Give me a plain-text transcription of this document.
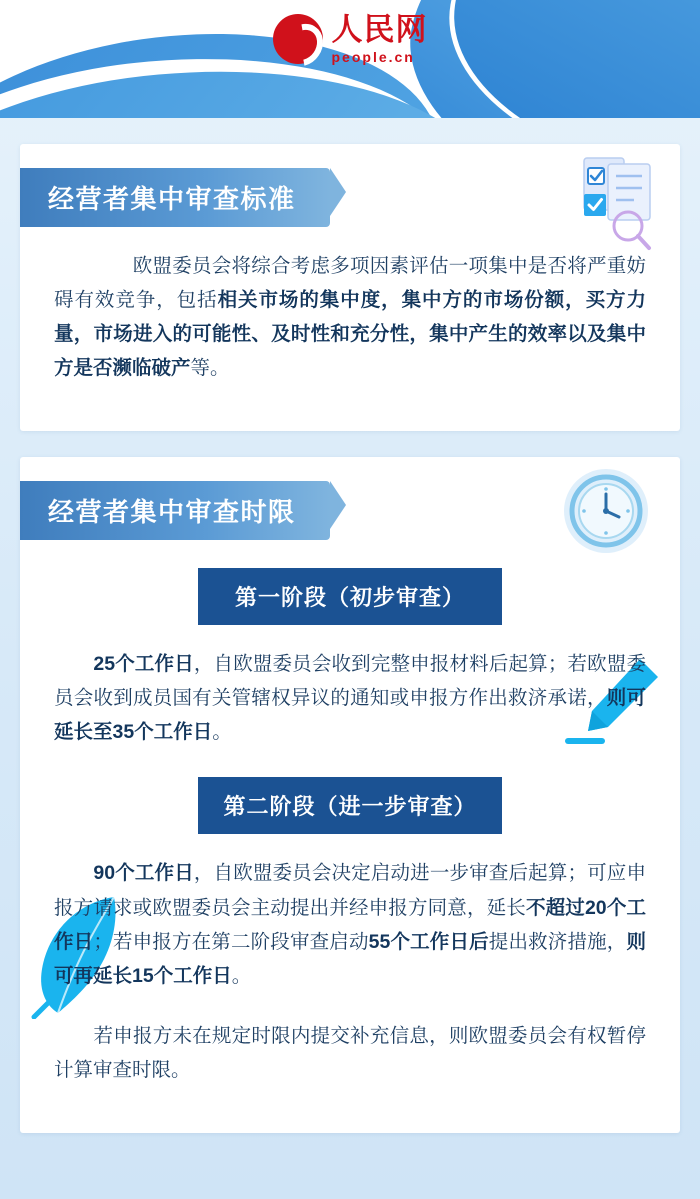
人民网
people.cn
经营者集中审查标准

　　欧盟委员会将综合考虑多项因素评估一项集中是否将严重妨碍有效竞争，包括相关市场的集中度，集中方的市场份额，买方力量，市场进入的可能性、及时性和充分性，集中产生的效率以及集中方是否濒临破产等。

经营者集中审查时限
第一阶段（初步审查）

　　25个工作日，自欧盟委员会收到完整申报材料后起算；若欧盟委员会收到成员国有关管辖权异议的通知或申报方作出救济承诺，则可延长至35个工作日。

第二阶段（进一步审查）

　　90个工作日，自欧盟委员会决定启动进一步审查后起算；可应申报方请求或欧盟委员会主动提出并经申报方同意，延长不超过20个工作日；若申报方在第二阶段审查启动55个工作日后提出救济措施，则可再延长15个工作日。

　　若申报方未在规定时限内提交补充信息，则欧盟委员会有权暂停计算审查时限。
